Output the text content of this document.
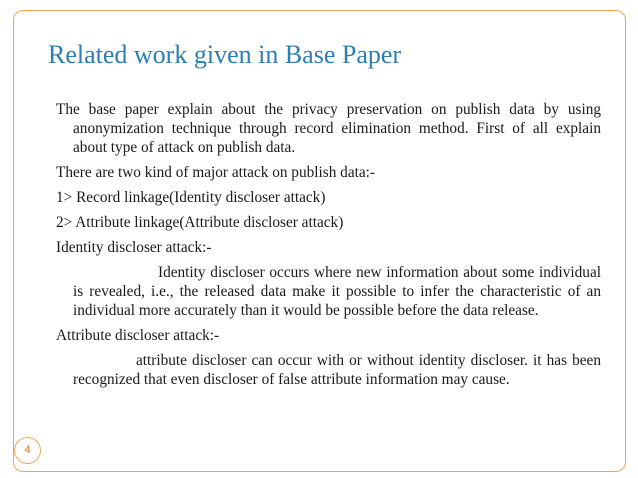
Related work given in Base Paper

The base paper explain about the privacy preservation on publish data by using anonymization technique through record elimination method. First of all explain about type of attack on publish data.

There are two kind of major attack on publish data:-

1> Record linkage(Identity discloser attack)

2> Attribute linkage(Attribute discloser attack)

Identity discloser attack:-

Identity discloser occurs where new information about some individual is revealed, i.e., the released data make it possible to infer the characteristic of an individual more accurately than it would be possible before the data release.

Attribute discloser attack:-

attribute discloser can occur with or without identity discloser. it has been recognized that even discloser of false attribute information may cause.

4
